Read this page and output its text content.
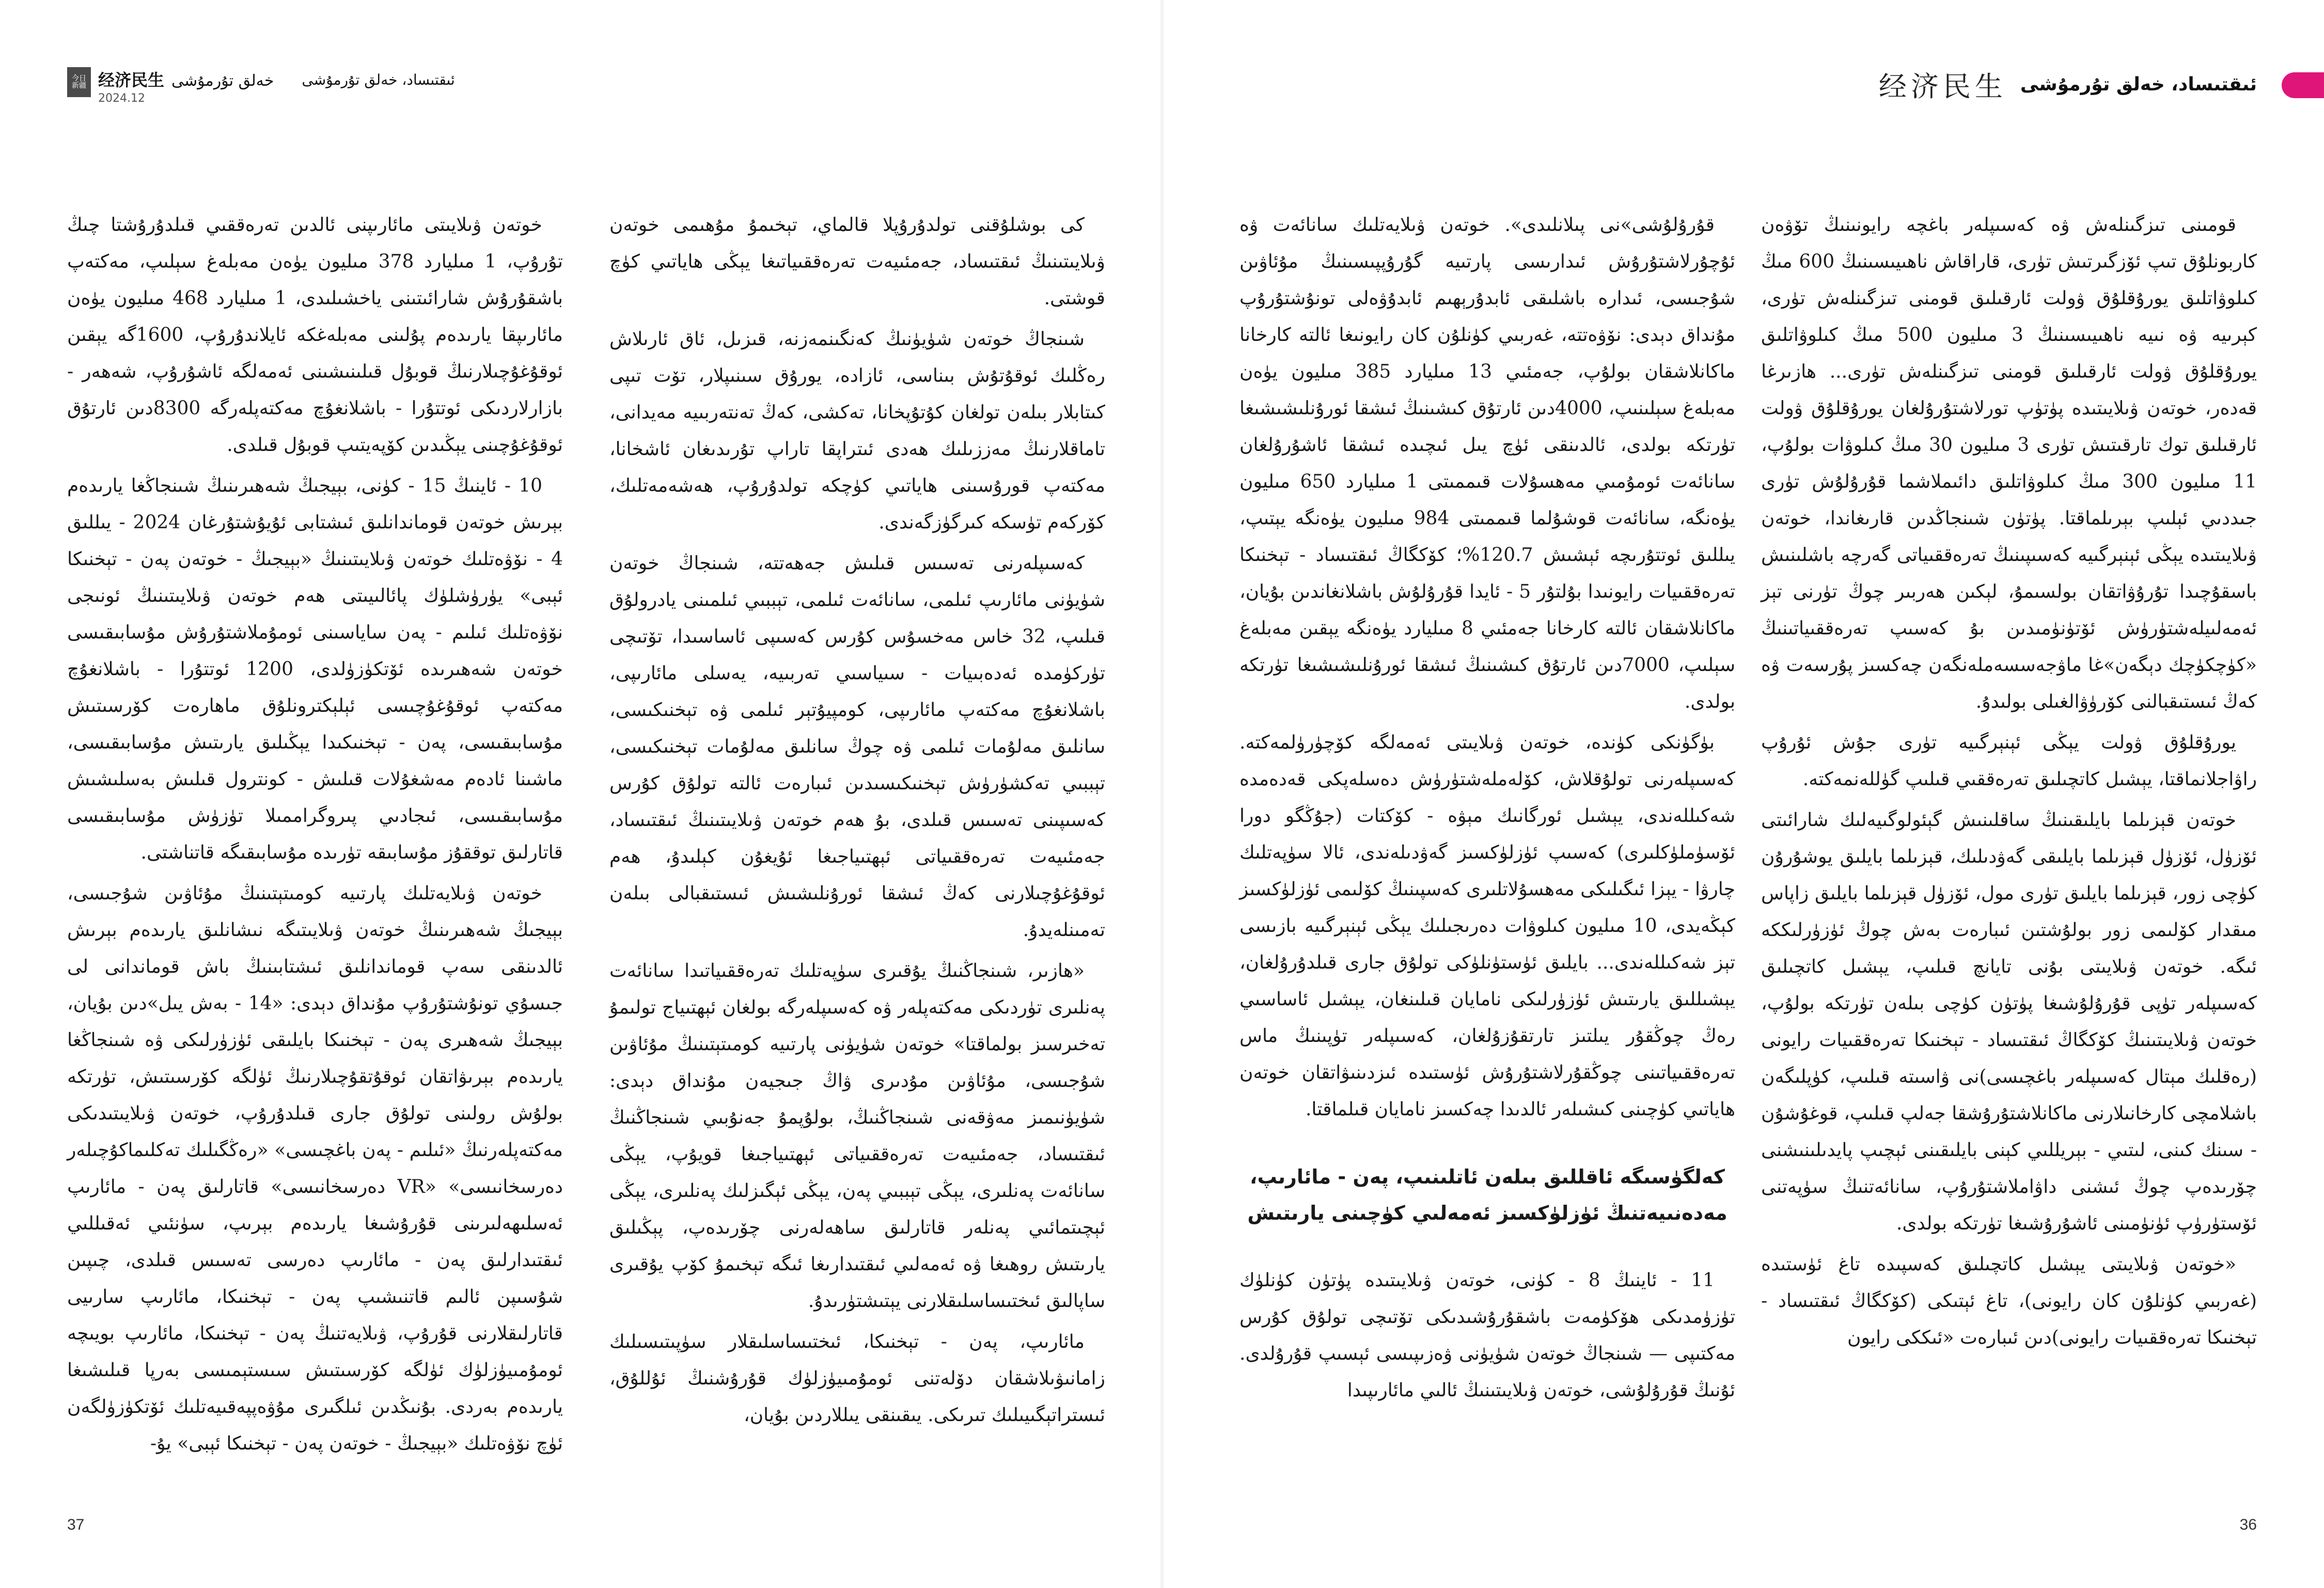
今日
新疆 经济民生 خەلق تۇرمۇشى
2024.12
ئىقتىساد، خەلق تۇرمۇشى
37

كى بوشلۇقنى تولدۇرۇپلا قالماي، تېخىمۇ مۇھىمى خوتەن ۋىلايىتىنىڭ ئىقتىساد، جەمئىيەت تەرەققىياتىغا يېڭى ھاياتىي كۈچ قوشتى.

شىنجاڭ خوتەن شۈيۈنىڭ كەنگىنمەزنە، قىزىل، ئاق ئارىلاش رەڭلىك ئوقۇتۇش بىناسى، ئازادە، يورۇق سىنىپلار، تۆت تىپى كىتابلار بىلەن تولغان كۇتۇپخانا، تەكشى، كەڭ تەنتەربىيە مەيدانى، تاماقلارنىڭ مەززىلىك ھەدى ئىتراپقا تاراپ تۇرىدىغان ئاشخانا، مەكتەپ قورۇسىنى ھاياتىي كۈچكە تولدۇرۇپ، ھەشەمەتلىك، كۆركەم تۈسكە كىرگۈزگەندى.

كەسىپلەرنى تەسىس قىلىش جەھەتتە، شىنجاڭ خوتەن شۈيۈنى مائارىپ ئىلمى، سانائەت ئىلمى، تېببىي ئىلمىنى يادرولۇق قىلىپ، 32 خاس مەخسۇس كۇرس كەسىپى ئاساسىدا، تۆتىچى تۈركۈمدە ئەدەبىيات - سىياسىي تەربىيە، يەسلى مائارىپى، باشلانغۇچ مەكتەپ مائارىپى، كومپيۇتېر ئىلمى ۋە تېخنىكىسى، سانلىق مەلۇمات ئىلمى ۋە چوڭ سانلىق مەلۇمات تېخنىكىسى، تېببىي تەكشۈرۈش تېخنىكىسىدىن ئىبارەت ئالتە تولۇق كۇرس كەسىپىنى تەسىس قىلدى، بۇ ھەم خوتەن ۋىلايىتىنىڭ ئىقتىساد، جەمئىيەت تەرەققىياتى ئېھتىياجىغا ئۇيغۇن كېلىدۇ، ھەم ئوقۇغۇچىلارنى كەڭ ئىشقا ئورۇنلىشىش ئىستىقبالى بىلەن تەمىنلەيدۇ.

«ھازىر، شىنجاڭنىڭ يۇقىرى سۈپەتلىك تەرەققىياتىدا سانائەت پەنلىرى تۈردىكى مەكتەپلەر ۋە كەسىپلەرگە بولغان ئېھتىياج تولىمۇ تەخىرسىز بولماقتا» خوتەن شۈيۈنى پارتىيە كومىتېتىنىڭ مۇئاۋىن شۇجىسى، مۇئاۋىن مۇدىرى ۋاڭ جىجيەن مۇنداق دېدى: شۈيۈنىمىز مەۋقەنى شىنجاڭنىڭ، بولۇپمۇ جەنۇبىي شىنجاڭنىڭ ئىقتىساد، جەمئىيەت تەرەققىياتى ئېھتىياجىغا قويۇپ، يېڭى سانائەت پەنلىرى، يېڭى تېببىي پەن، يېڭى ئېگىزلىك پەنلىرى، يېڭى ئېچىتمائىي پەنلەر قاتارلىق ساھەلەرنى چۆرىدەپ، پېڭىلىق يارىتىش روھىغا ۋە ئەمەلىي ئىقتىدارىغا ئىگە تېخىمۇ كۆپ يۇقىرى ساپالىق ئىختىساسلىقلارنى يېتىشتۈرىدۇ.

مائارىپ، پەن - تېخنىكا، ئىختىساسلىقلار سۈپىتىسىلىك زامانىۋىلاشقان دۆلەتنى ئومۇمىيۈزلۈك قۇرۇشنىڭ ئۇللۇق، ئىستراتېگىيىلىك تىرىكى. يىقىنقى يىللاردىن بۇيان،

خوتەن ۋىلايىتى مائارىپنى ئالدىن تەرەققىي قىلدۇرۇشتا چىڭ تۇرۇپ، 1 مىليارد 378 مىليون يۈەن مەبلەغ سېلىپ، مەكتەپ باشقۇرۇش شارائىتىنى ياخشىلىدى، 1 مىليارد 468 مىليون يۈەن مائارىپقا يارىدەم پۇلىنى مەبلەغكە ئايلاندۇرۇپ، 1600گە يېقىن ئوقۇغۇچىلارنىڭ قوبۇل قىلىنىشىنى ئەمەلگە ئاشۇرۇپ، شەھەر - بازارلاردىكى ئوتتۇرا - باشلانغۇچ مەكتەپلەرگە 8300دىن ئارتۇق ئوقۇغۇچىنى يېڭىدىن كۆپەيتىپ قوبۇل قىلدى.

10 - ئاينىڭ 15 - كۈنى، بېيجىڭ شەھىرىنىڭ شىنجاڭغا يارىدەم بېرىش خوتەن قوماندانلىق ئىشتابى ئۇيۇشتۇرغان 2024 - يىللىق 4 - نۆۋەتلىك خوتەن ۋىلايىتىنىڭ «بېيجىڭ - خوتەن پەن - تېخنىكا ئېبى» يۈرۈشلۈك پائالىيىتى ھەم خوتەن ۋىلايىتىنىڭ ئونىجى نۆۋەتلىك ئىلىم - پەن ساياسىنى ئومۇملاشتۇرۇش مۇسابىقىسى خوتەن شەھىرىدە ئۆتكۈزۈلدى، 1200 ئوتتۇرا - باشلانغۇچ مەكتەپ ئوقۇغۇچىسى ئېلېكترونلۇق ماھارەت كۆرسىتىش مۇسابىقىسى، پەن - تېخنىكىدا يېڭىلىق يارىتىش مۇسابىقىسى، ماشىنا ئادەم مەشغۇلات قىلىش - كونترول قىلىش بەسلىشىش مۇسابىقىسى، ئىجادىي پىروگراممىلا تۈزۈش مۇسابىقىسى قاتارلىق توققۇز مۇسابىقە تۈرىدە مۇسابىقىگە قاتناشتى.

خوتەن ۋىلايەتلىك پارتىيە كومىتېتىنىڭ مۇئاۋىن شۇجىسى، بېيجىڭ شەھىرىنىڭ خوتەن ۋىلايىتىگە نىشانلىق يارىدەم بېرىش ئالدىنقى سەپ قوماندانلىق ئىشتابىنىڭ باش قوماندانى لى جىسۇي تونۇشتۇرۇپ مۇنداق دېدى: «14 - بەش يىل»دىن بۇيان، بېيجىڭ شەھىرى پەن - تېخنىكا بايلىقى ئۈزۈرلىكى ۋە شىنجاڭغا يارىدەم بېرىۋاتقان ئوقۇتقۇچىلارنىڭ ئۈلگە كۆرسىتىش، تۈرتكە بولۇش رولىنى تولۇق جارى قىلدۇرۇپ، خوتەن ۋىلايىتىدىكى مەكتەپلەرنىڭ «ئىلىم - پەن باغچىسى» «رەڭگىلىك تەكلىماكۇچىلەر دەرسخانىسى» «VR دەرسخانىسى» قاتارلىق پەن - مائارىپ ئەسلىھەلىرىنى قۇرۇشىغا يارىدەم بېرىپ، سۈنئىي ئەقىللىي ئىقتىدارلىق پەن - مائارىپ دەرسى تەسىس قىلدى، چىپىن شۇسىپن ئالىم قاتنىشىپ پەن - تېخنىكا، مائارىپ سارىيى قاتارلىقلارنى قۇرۇپ، ۋىلايەتنىڭ پەن - تېخنىكا، مائارىپ بويىچە ئومۇمىيۈزلۈك ئۈلگە كۆرسىتىش سىستېمىسى بەرپا قىلىشىغا يارىدەم بەردى. بۇنىڭدىن ئىلگىرى مۇۋەپپەقىيەتلىك ئۆتكۈزۈلگەن ئۈچ نۆۋەتلىك «بېيجىڭ - خوتەن پەن - تېخنىكا ئېبى» يۇ-

36
经济民生 ئىقتىساد، خەلق تۇرمۇشى

قومىنى تىزگىنلەش ۋە كەسىپلەر باغچە رايونىنىڭ تۆۋەن كاربونلۇق تىپ ئۆزگىرتىش تۈرى، قاراقاش ناھىيىسىنىڭ 600 مىڭ كىلوۋاتلىق يورۇقلۇق ۋولت ئارقىلىق قومنى تىزگىنلەش تۈرى، كېرىيە ۋە نىيە ناھىيىسىنىڭ 3 مىليون 500 مىڭ كىلوۋاتلىق يورۇقلۇق ۋولت ئارقىلىق قومنى تىزگىنلەش تۈرى... ھازىرغا قەدەر، خوتەن ۋىلايىتىدە پۈتۈپ تورلاشتۇرۇلغان يورۇقلۇق ۋولت ئارقىلىق توك تارقىتىش تۈرى 3 مىليون 30 مىڭ كىلوۋات بولۇپ، 11 مىليون 300 مىڭ كىلوۋاتلىق دائىملاشما قۇرۇلۇش تۈرى جىددىي ئېلىپ بېرىلماقتا. پۈتۈن شىنجاڭدىن قارىغاندا، خوتەن ۋىلايىتىدە يېڭى ئېنېرگىيە كەسىپىنىڭ تەرەققىياتى گەرچە باشلىنىش باسقۇچىدا تۇرۇۋاتقان بولسىمۇ، لېكىن ھەربىر چوڭ تۈرنى تېز ئەمەلىيلەشتۈرۈش ئۆتۈنۈمىدىن بۇ كەسىپ تەرەققىياتىنىڭ «كۈچكۈچك دېگەن»غا ماۋجەسسەملەنگەن چەكسىز پۇرسەت ۋە كەڭ ئىستىقبالنى كۆرۈۋالغىلى بولىدۇ.

يورۇقلۇق ۋولت يېڭى ئېنېرگىيە تۈرى جۇش ئۇرۇپ راۋاجلانماقتا، يېشىل كاتچىلىق تەرەققىي قىلىپ گۈللەنمەكتە.

خوتەن قېزىلما بايلىقىنىڭ ساقلىنىش گېئولوگىيەلىك شارائىتى ئۆزۈل، ئۆزۈل قېزىلما بايلىقى گەۋدىلىك، قېزىلما بايلىق يوشۇرۇن كۈچى زور، قېزىلما بايلىق تۈرى مول، ئۆزۈل قېزىلما بايلىق زاپاس مىقدار كۆلىمى زور بولۇشتىن ئىبارەت بەش چوڭ ئۈزۈرلىككە ئىگە. خوتەن ۋىلايىتى بۇنى تايانچ قىلىپ، يېشىل كاتچىلىق كەسىپلەر تۈپى قۇرۇلۇشىغا پۈتۈن كۈچى بىلەن تۈرتكە بولۇپ، خوتەن ۋىلايىتىنىڭ كۆكگاڭ ئىقتىساد - تېخنىكا تەرەققىيات رايونى (رەقلىك مېتال كەسىپلەر باغچىسى)نى ۋاسىتە قىلىپ، كۈپلىگەن باشلامچى كارخانىلارنى ماكانلاشتۇرۇشقا جەلپ قىلىپ، قوغۇشۇن - سىنك كىنى، لىتىي - بېريللىي كېنى بايلىقىنى ئېچىپ پايدىلىنىشنى چۆرىدەپ چوڭ ئىشنى داۋاملاشتۇرۇپ، سانائەتنىڭ سۈپەتنى ئۆستۈرۈپ ئۈنۈمىنى ئاشۇرۇشىغا تۈرتكە بولدى.

«خوتەن ۋىلايىتى يېشىل كاتچىلىق كەسپىدە تاغ ئۈستىدە (غەربىي كۈنلۇن كان رايونى)، تاغ ئېتىكى (كۆكگاڭ ئىقتىساد - تېخنىكا تەرەققىيات رايونى)دىن ئىبارەت «ئىككى رايون

قۇرۇلۇشى»نى پىلانلىدى». خوتەن ۋىلايەتلىك سانائەت ۋە ئۇچۇرلاشتۇرۇش ئىدارىسى پارتىيە گۇرۇپپىسىنىڭ مۇئاۋىن شۇجىسى، ئىدارە باشلىقى ئابدۇرېھىم ئابدۇۋەلى تونۇشتۇرۇپ مۇنداق دېدى: نۆۋەتتە، غەربىي كۈنلۇن كان رايونىغا ئالتە كارخانا ماكانلاشقان بولۇپ، جەمئىي 13 مىليارد 385 مىليون يۈەن مەبلەغ سېلىنىپ، 4000دىن ئارتۇق كىشىنىڭ ئىشقا ئورۇنلىشىشىغا تۈرتكە بولدى، ئالدىنقى ئۈچ يىل ئىچىدە ئىشقا ئاشۇرۇلغان سانائەت ئومۇمىي مەھسۇلات قىممىتى 1 مىليارد 650 مىليون يۈەنگە، سانائەت قوشۇلما قىممىتى 984 مىليون يۈەنگە يېتىپ، يىللىق ئوتتۇرىچە ئېشىش 120.7%؛ كۆكگاڭ ئىقتىساد - تېخنىكا تەرەققىيات رايونىدا بۇلتۇر 5 - ئايدا قۇرۇلۇش باشلانغاندىن بۇيان، ماكانلاشقان ئالتە كارخانا جەمئىي 8 مىليارد يۈەنگە يېقىن مەبلەغ سېلىپ، 7000دىن ئارتۇق كىشىنىڭ ئىشقا ئورۇنلىشىشىغا تۈرتكە بولدى.

بۈگۈنكى كۈندە، خوتەن ۋىلايىتى ئەمەلگە كۆچۈرۈلمەكتە. كەسىپلەرنى تولۇقلاش، كۆلەملەشتۈرۈش دەسلەپكى قەدەمدە شەكىللەندى، يېشىل ئورگانىك مېۋە - كۆكتات (جۇڭگو دورا ئۆسۈملۈكلىرى) كەسىپ ئۈزلۈكسىز گەۋدىلەندى، ئالا سۈپەتلىك چارۋا - يېزا ئىگىلىكى مەھسۇلاتلىرى كەسپىنىڭ كۆلىمى ئۈزلۈكسىز كېڭەيدى، 10 مىليون كىلوۋات دەرىجىلىك يېڭى ئېنېرگىيە بازىسى تېز شەكىللەندى... بايلىق ئۈستۈنلۈكى تولۇق جارى قىلدۇرۇلغان، يېشىللىق يارىتىش ئۈزۈرلىكى نامايان قىلىنغان، يېشىل ئاساسىي رەڭ چوڭقۇر يىلتىز تارتقۇزۇلغان، كەسىپلەر تۈپىنىڭ ماس تەرەققىياتىنى چوڭقۇرلاشتۇرۇش ئۈستىدە ئىزدىنىۋاتقان خوتەن ھاياتىي كۈچىنى كىشىلەر ئالدىدا چەكسىز نامايان قىلماقتا.

كەلگۈسىگە ئاقللىق بىلەن ئاتلىنىپ، پەن - مائارىپ، مەدەنىيەتنىڭ ئۈزلۈكسىز ئەمەلىي كۈچىنى يارىتىش

11 - ئاينىڭ 8 - كۈنى، خوتەن ۋىلايىتىدە پۈتۈن كۈنلۈك تۈزۈمدىكى ھۆكۈمەت باشقۇرۇشىدىكى تۆتىچى تولۇق كۇرس مەكتىپى — شىنجاڭ خوتەن شۈيۈنى ۋەزىپىسى ئېسىپ قۇرۇلدى. ئۇنىڭ قۇرۇلۇشى، خوتەن ۋىلايىتىنىڭ ئالىي مائارىپىدا
